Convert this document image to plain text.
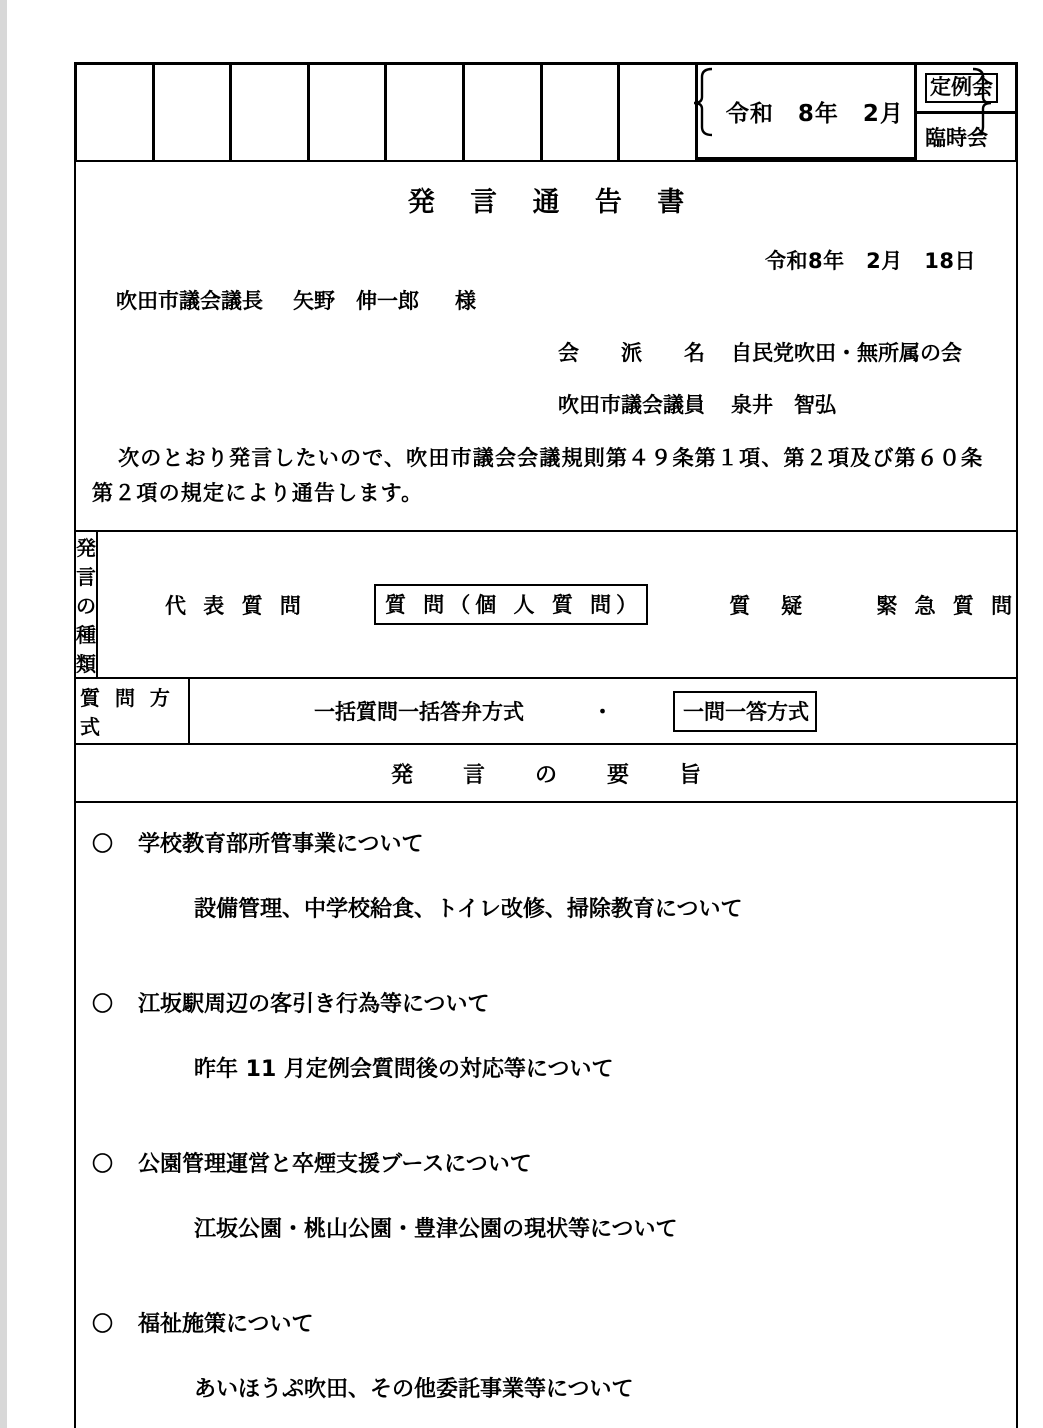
令和　8年　2月
定例会
臨時会
発 言 通 告 書
令和8年　2月　18日
吹田市議会議長 矢野　伸一郎 様
会　　派　　名 自民党吹田・無所属の会
吹田市議会議員 泉井　智弘
次のとおり発言したいので、吹田市議会会議規則第４９条第１項、第２項及び第６０条
第２項の規定により通告します。
発言の種類
代 表 質 問	質 問（個 人 質 問）	質　疑	緊 急 質 問
質 問 方 式
一括質問一括答弁方式	・	一問一答方式
発　言　の　要　旨
〇	学校教育部所管事業について
設備管理、中学校給食、トイレ改修、掃除教育について
〇	江坂駅周辺の客引き行為等について
昨年 11 月定例会質問後の対応等について
〇	公園管理運営と卒煙支援ブースについて
江坂公園・桃山公園・豊津公園の現状等について
〇	福祉施策について
あいほうぷ吹田、その他委託事業等について
